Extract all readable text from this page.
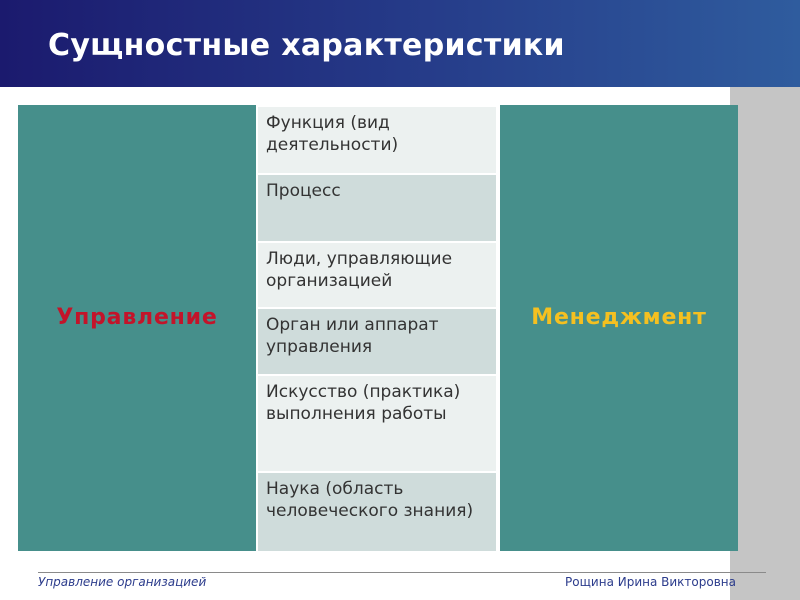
Сущностные характеристики
Управление	Менеджмент
Функция (вид деятельности)
Процесс
Люди, управляющие организацией
Орган или аппарат управления
Искусство (практика) выполнения работы
Наука (область человеческого знания)
Управление организацией	Рощина Ирина Викторовна
